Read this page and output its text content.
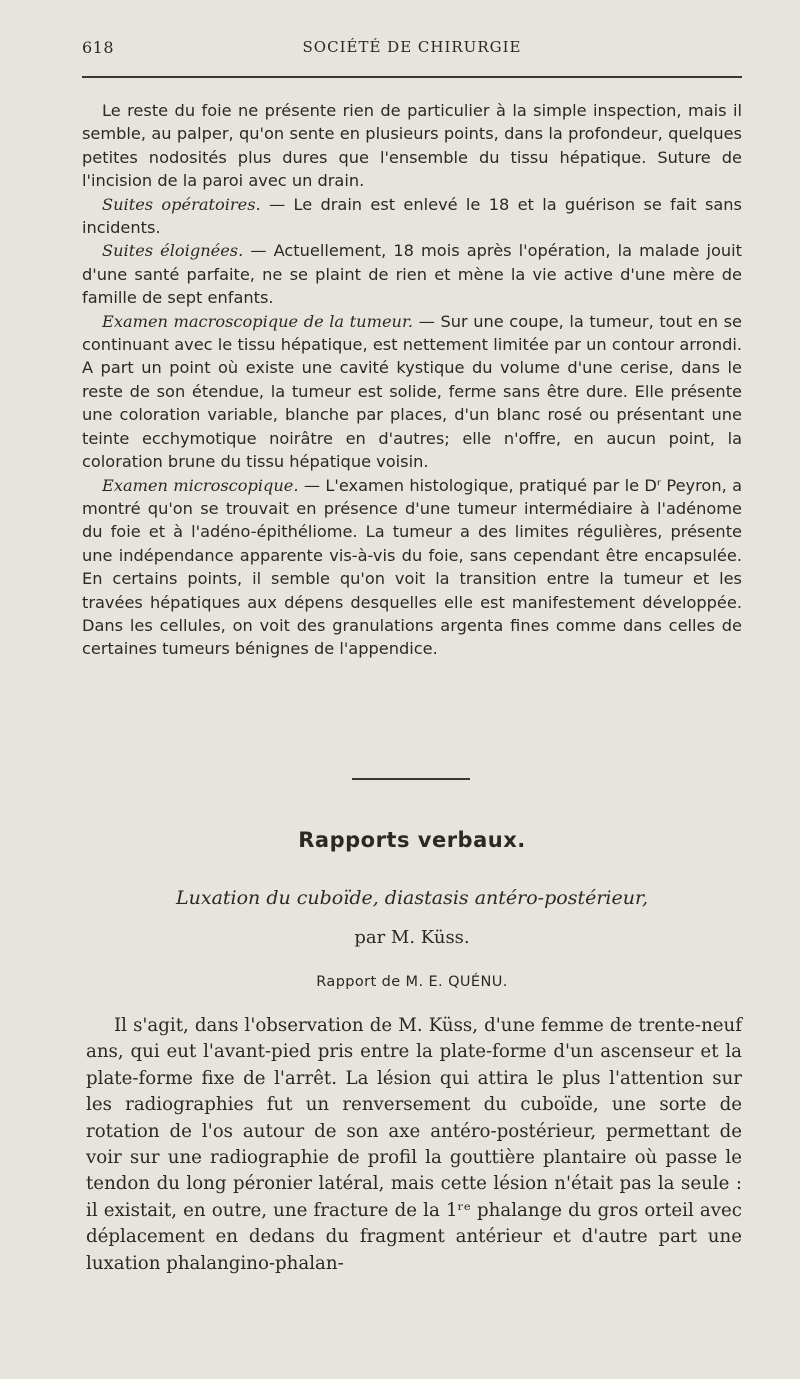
618	SOCIÉTÉ DE CHIRURGIE

Le reste du foie ne présente rien de particulier à la simple inspection, mais il semble, au palper, qu'on sente en plusieurs points, dans la profondeur, quelques petites nodosités plus dures que l'ensemble du tissu hépatique. Suture de l'incision de la paroi avec un drain.

Suites opératoires. — Le drain est enlevé le 18 et la guérison se fait sans incidents.

Suites éloignées. — Actuellement, 18 mois après l'opération, la malade jouit d'une santé parfaite, ne se plaint de rien et mène la vie active d'une mère de famille de sept enfants.

Examen macroscopique de la tumeur. — Sur une coupe, la tumeur, tout en se continuant avec le tissu hépatique, est nettement limitée par un contour arrondi. A part un point où existe une cavité kystique du volume d'une cerise, dans le reste de son étendue, la tumeur est solide, ferme sans être dure. Elle présente une coloration variable, blanche par places, d'un blanc rosé ou présentant une teinte ecchymotique noirâtre en d'autres; elle n'offre, en aucun point, la coloration brune du tissu hépatique voisin.

Examen microscopique. — L'examen histologique, pratiqué par le Dʳ Peyron, a montré qu'on se trouvait en présence d'une tumeur intermédiaire à l'adénome du foie et à l'adéno-épithéliome. La tumeur a des limites régulières, présente une indépendance apparente vis-à-vis du foie, sans cependant être encapsulée. En certains points, il semble qu'on voit la transition entre la tumeur et les travées hépatiques aux dépens desquelles elle est manifestement développée. Dans les cellules, on voit des granulations argenta fines comme dans celles de certaines tumeurs bénignes de l'appendice.

Rapports verbaux.
Luxation du cuboïde, diastasis antéro-postérieur,
par M. Küss.
Rapport de M. E. QUÉNU.

Il s'agit, dans l'observation de M. Küss, d'une femme de trente-neuf ans, qui eut l'avant-pied pris entre la plate-forme d'un ascenseur et la plate-forme fixe de l'arrêt. La lésion qui attira le plus l'attention sur les radiographies fut un renversement du cuboïde, une sorte de rotation de l'os autour de son axe antéro-postérieur, permettant de voir sur une radiographie de profil la gouttière plantaire où passe le tendon du long péronier latéral, mais cette lésion n'était pas la seule : il existait, en outre, une fracture de la 1ʳᵉ phalange du gros orteil avec déplacement en dedans du fragment antérieur et d'autre part une luxation phalangino-phalan-
